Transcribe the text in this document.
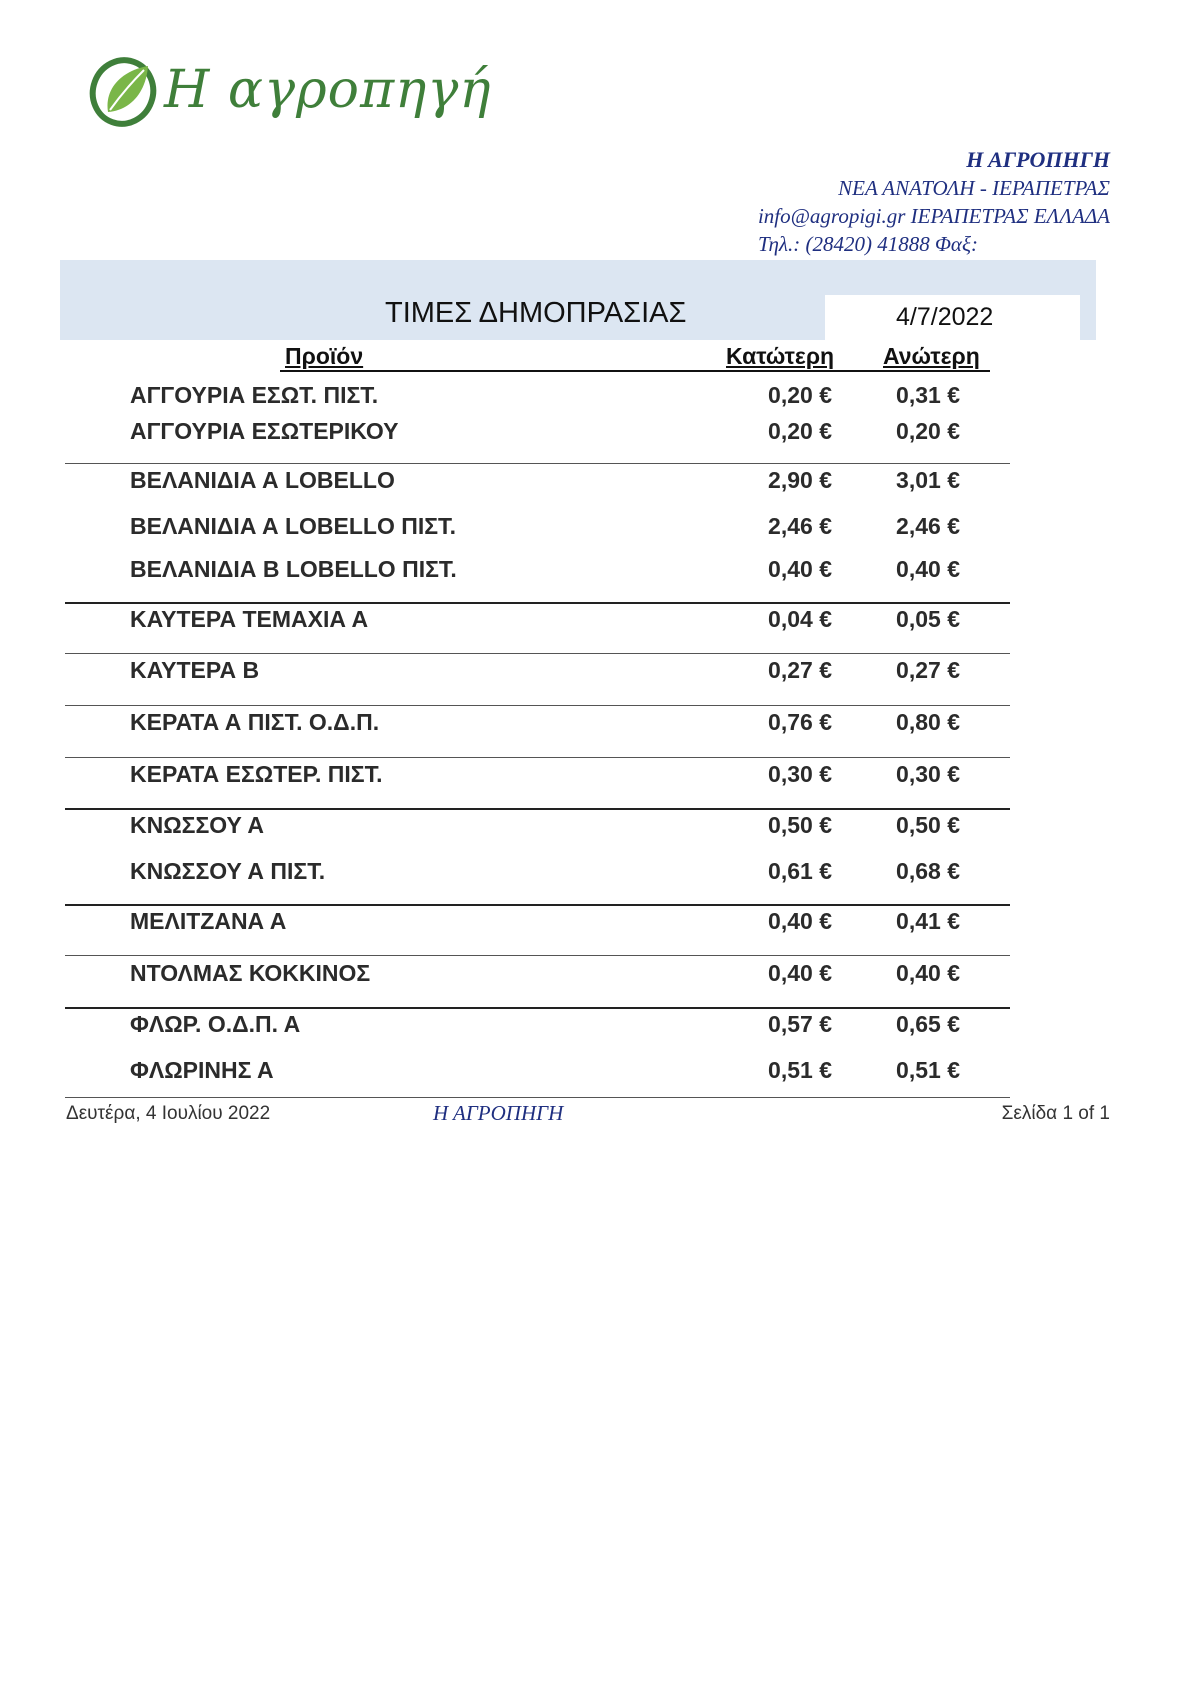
Η αγροπηγή
Η ΑΓΡΟΠΗΓΗ
ΝΕΑ ΑΝΑΤΟΛΗ - ΙΕΡΑΠΕΤΡΑΣ
info@agropigi.gr ΙΕΡΑΠΕΤΡΑΣ ΕΛΛΑΔΑ
Τηλ.: (28420) 41888 Φαξ:
ΤΙΜΕΣ ΔΗΜΟΠΡΑΣΙΑΣ	4/7/2022
Προϊόν	Κατώτερη Ανώτερη
ΑΓΓΟΥΡΙΑ ΕΣΩΤ. ΠΙΣΤ.	0,20 €	0,31 €
ΑΓΓΟΥΡΙΑ ΕΣΩΤΕΡΙΚΟΥ	0,20 €	0,20 €
ΒΕΛΑΝΙΔΙΑ Α LOBELLO	2,90 €	3,01 €
ΒΕΛΑΝΙΔΙΑ Α LOBELLO ΠΙΣΤ.	2,46 €	2,46 €
ΒΕΛΑΝΙΔΙΑ Β LOBELLO ΠΙΣΤ.	0,40 €	0,40 €
ΚΑΥΤΕΡΑ ΤΕΜΑΧΙΑ Α	0,04 €	0,05 €
ΚΑΥΤΕΡΑ Β	0,27 €	0,27 €
ΚΕΡΑΤΑ Α ΠΙΣΤ. Ο.Δ.Π.	0,76 €	0,80 €
ΚΕΡΑΤΑ ΕΣΩΤΕΡ. ΠΙΣΤ.	0,30 €	0,30 €
ΚΝΩΣΣΟΥ Α	0,50 €	0,50 €
ΚΝΩΣΣΟΥ Α ΠΙΣΤ.	0,61 €	0,68 €
ΜΕΛΙΤΖΑΝΑ Α	0,40 €	0,41 €
ΝΤΟΛΜΑΣ ΚΟΚΚΙΝΟΣ	0,40 €	0,40 €
ΦΛΩΡ. Ο.Δ.Π. Α	0,57 €	0,65 €
ΦΛΩΡΙΝΗΣ Α	0,51 €	0,51 €
Δευτέρα, 4 Ιουλίου 2022	Η ΑΓΡΟΠΗΓΗ	Σελίδα 1 of 1
